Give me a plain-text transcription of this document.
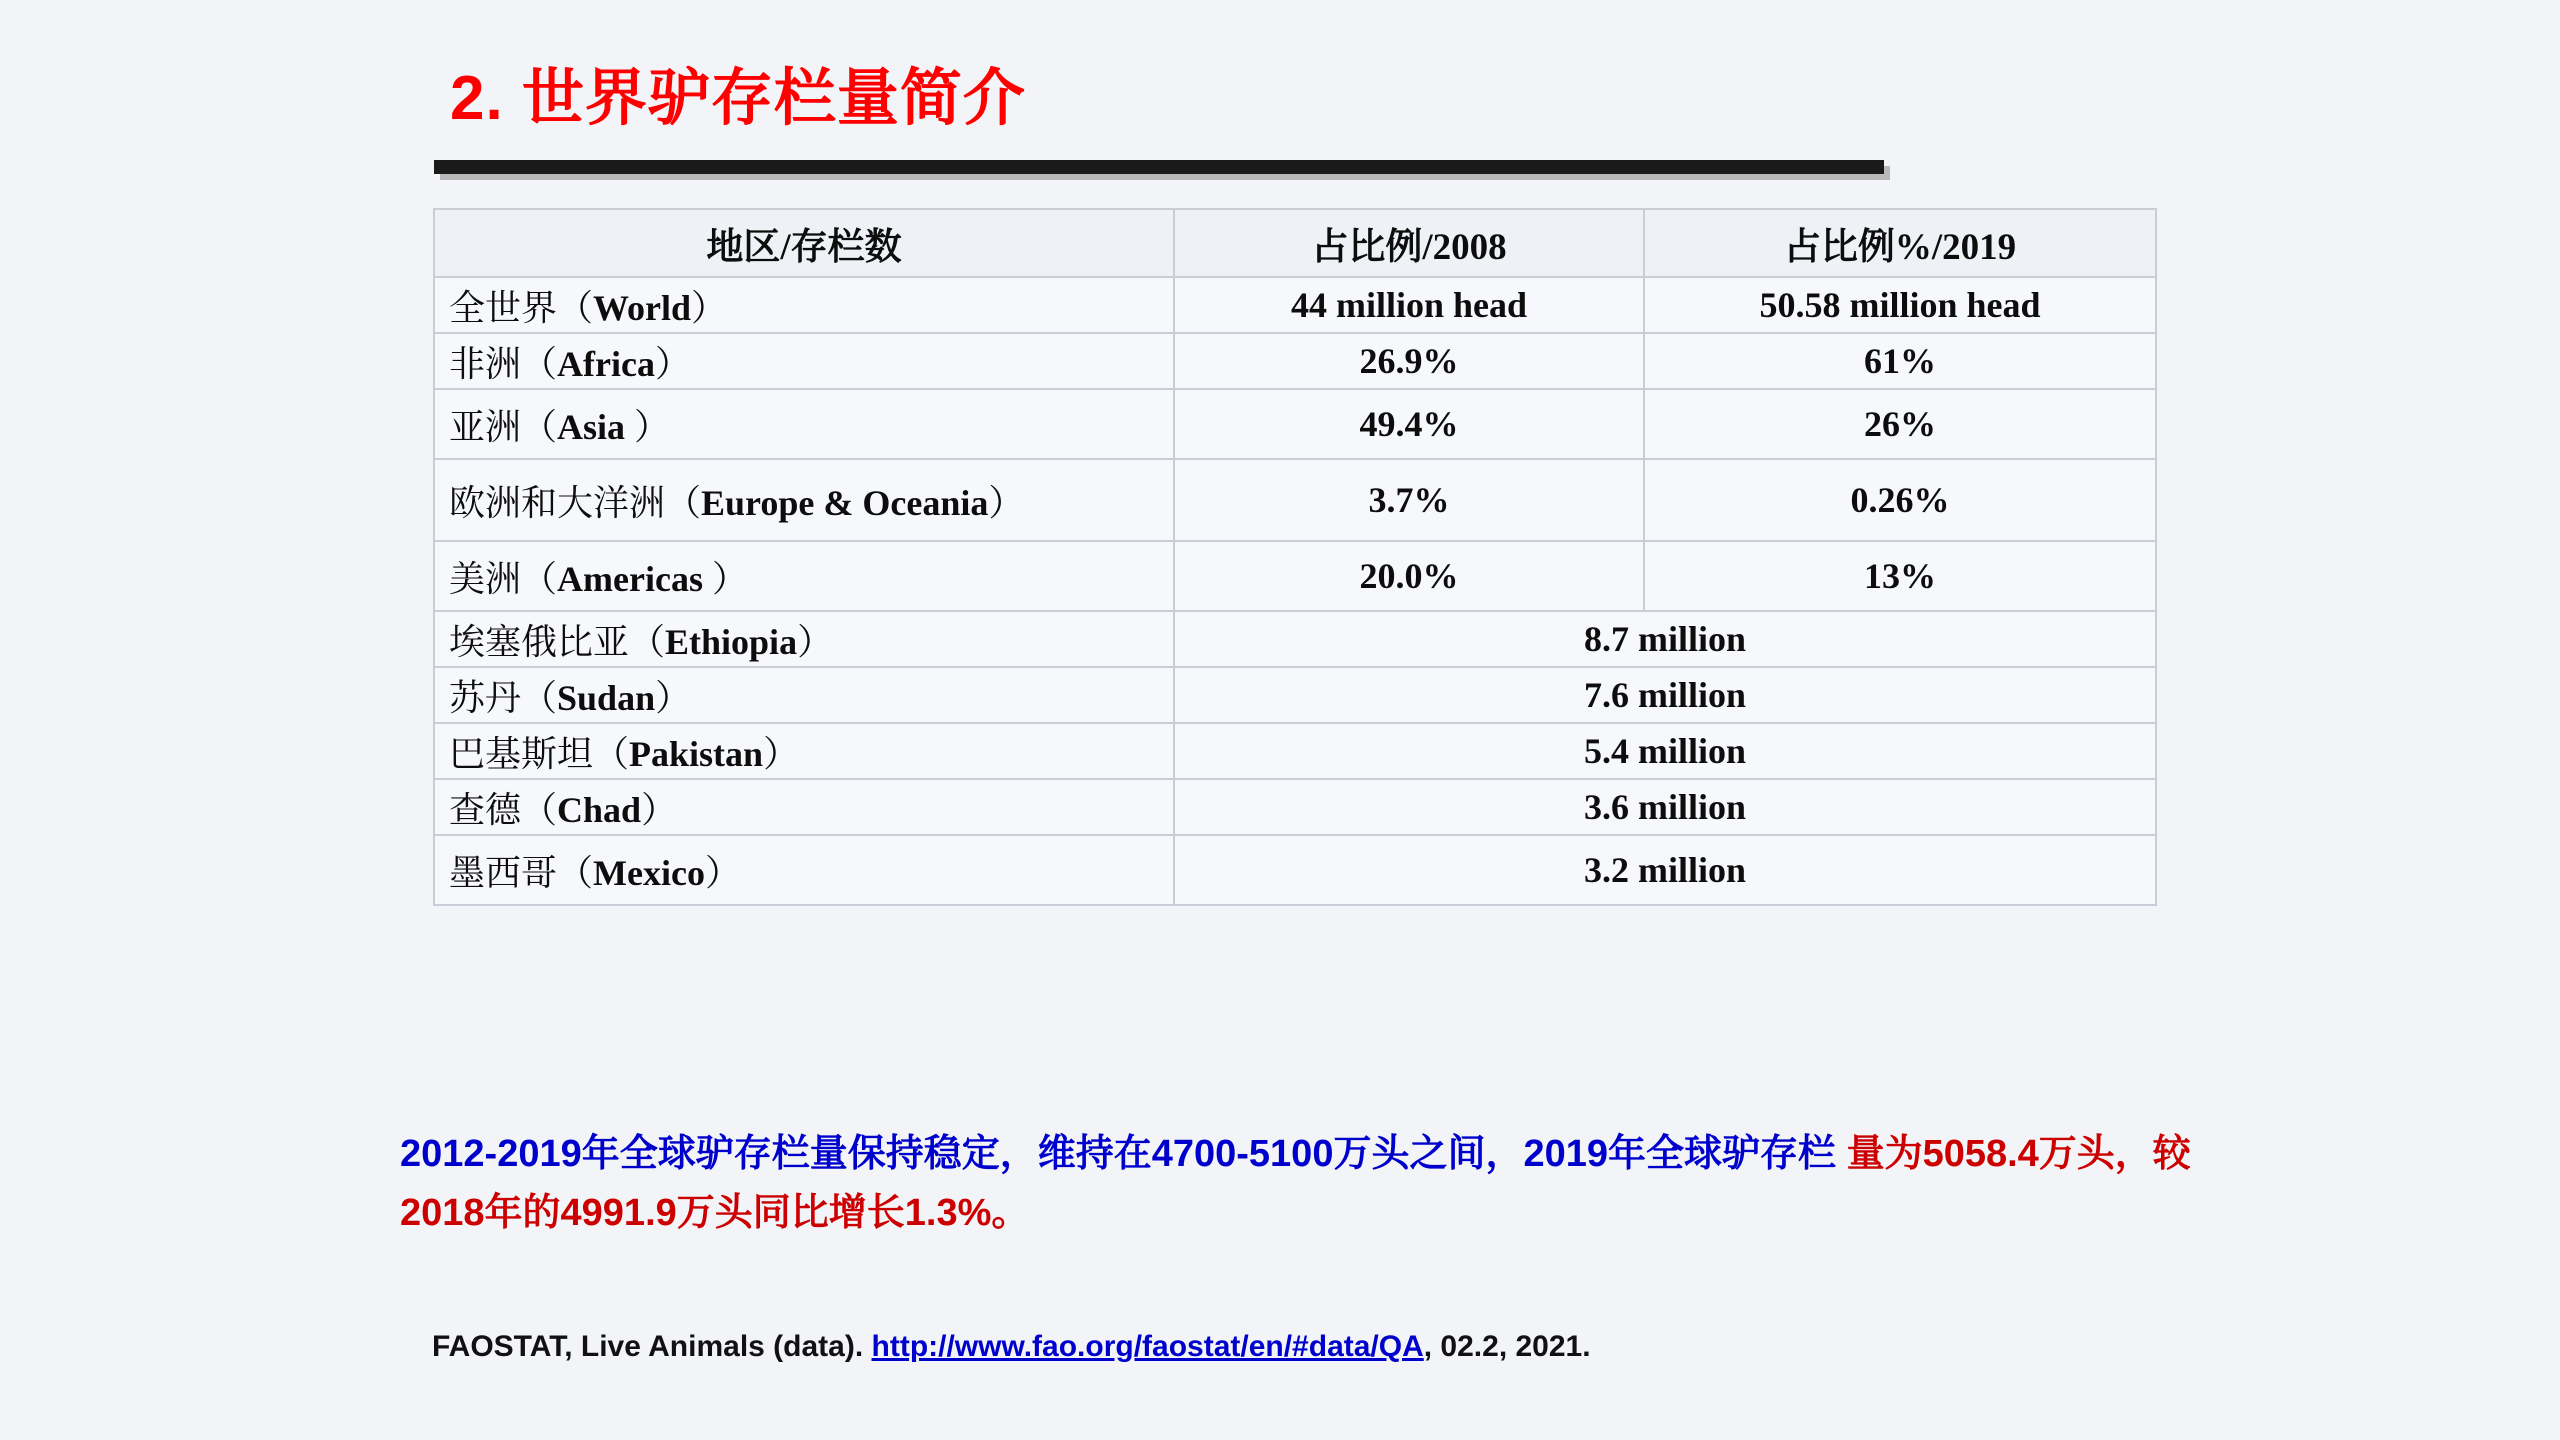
2. 世界驴存栏量简介
地区/存栏数	占比例/2008	占比例%/2019
全世界（World）	44 million head	50.58 million head
非洲（Africa）	26.9%	61%
亚洲（Asia ）	49.4%	26%
欧洲和大洋洲（Europe & Oceania）	3.7%	0.26%
美洲（Americas ）	20.0%	13%
埃塞俄比亚（Ethiopia）	8.7 million	
苏丹（Sudan）	7.6 million	
巴基斯坦（Pakistan）	5.4 million	
查德（Chad）	3.6 million	
墨西哥（Mexico）	3.2 million	
2012-2019年全球驴存栏量保持稳定，维持在4700-5100万头之间，2019年全球驴存栏 量为5058.4万头，较2018年的4991.9万头同比增长1.3%。
FAOSTAT, Live Animals (data). http://www.fao.org/faostat/en/#data/QA, 02.2, 2021.
